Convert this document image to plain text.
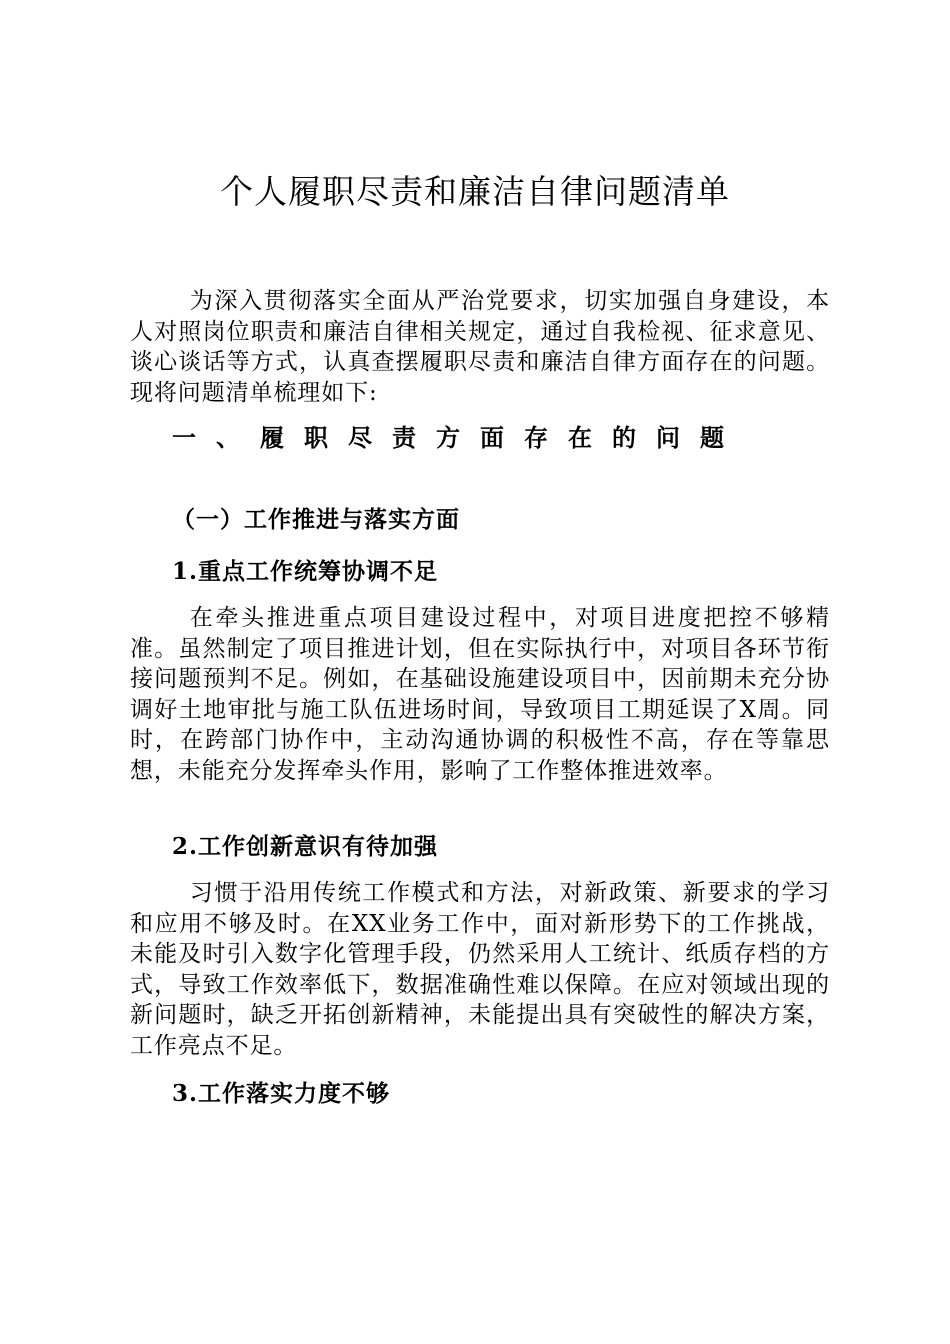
个人履职尽责和廉洁自律问题清单

为深入贯彻落实全面从严治党要求，切实加强自身建设，本人对照岗位职责和廉洁自律相关规定，通过自我检视、征求意见、谈心谈话等方式，认真查摆履职尽责和廉洁自律方面存在的问题。现将问题清单梳理如下:

一、履职尽责方面存在的问题
（一）工作推进与落实方面
1.重点工作统筹协调不足

在牵头推进重点项目建设过程中，对项目进度把控不够精准。虽然制定了项目推进计划，但在实际执行中，对项目各环节衔接问题预判不足。例如，在基础设施建设项目中，因前期未充分协调好土地审批与施工队伍进场时间，导致项目工期延误了X周。同时，在跨部门协作中，主动沟通协调的积极性不高，存在等靠思想，未能充分发挥牵头作用，影响了工作整体推进效率。

2.工作创新意识有待加强

习惯于沿用传统工作模式和方法，对新政策、新要求的学习和应用不够及时。在XX业务工作中，面对新形势下的工作挑战，未能及时引入数字化管理手段，仍然采用人工统计、纸质存档的方式，导致工作效率低下，数据准确性难以保障。在应对领域出现的新问题时，缺乏开拓创新精神，未能提出具有突破性的解决方案，工作亮点不足。

3.工作落实力度不够
